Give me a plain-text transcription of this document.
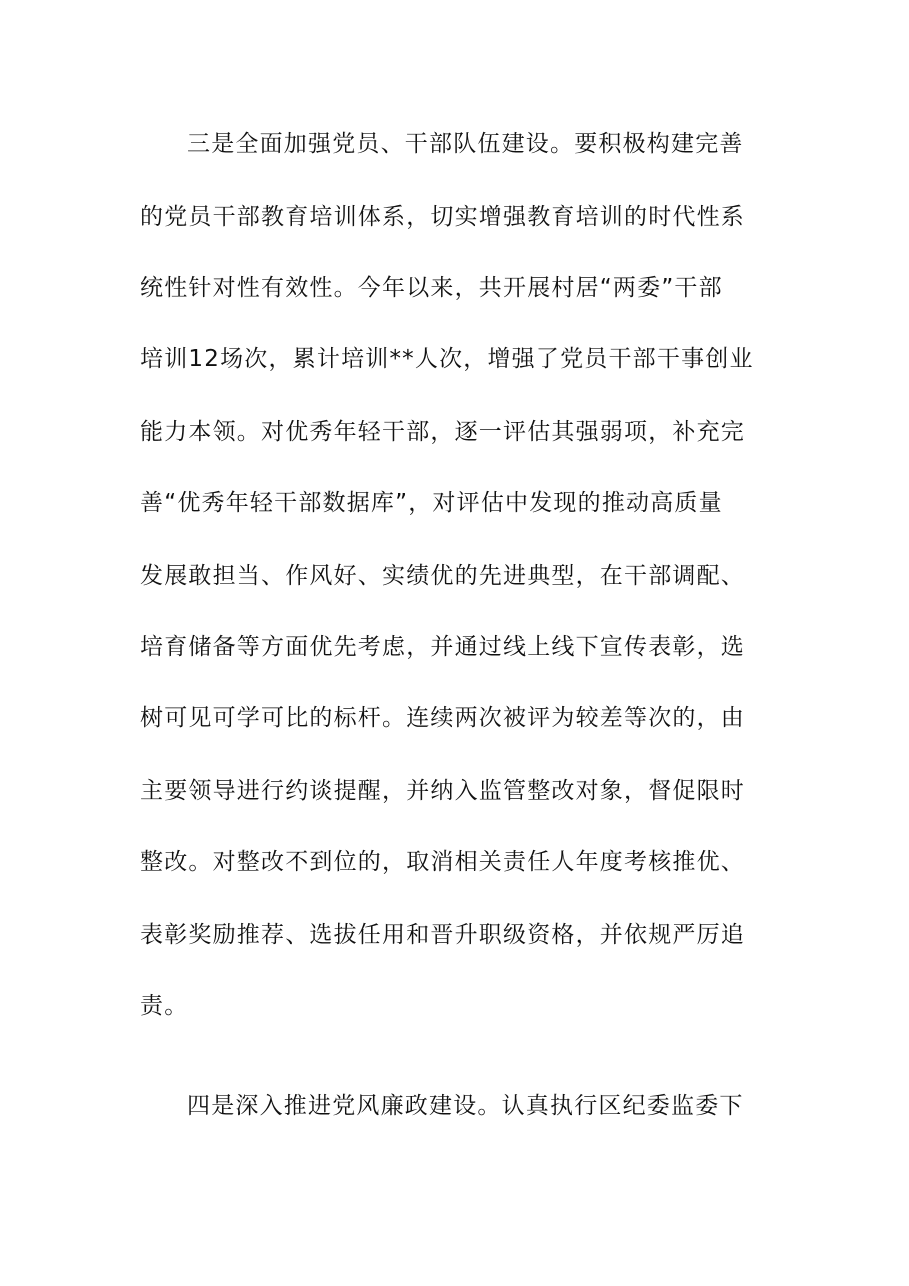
三是全面加强党员、干部队伍建设。要积极构建完善
的党员干部教育培训体系，切实增强教育培训的时代性系
统性针对性有效性。今年以来，共开展村居“两委”干部
培训12场次，累计培训**人次，增强了党员干部干事创业
能力本领。对优秀年轻干部，逐一评估其强弱项，补充完
善“优秀年轻干部数据库”，对评估中发现的推动高质量
发展敢担当、作风好、实绩优的先进典型，在干部调配、
培育储备等方面优先考虑，并通过线上线下宣传表彰，选
树可见可学可比的标杆。连续两次被评为较差等次的，由
主要领导进行约谈提醒，并纳入监管整改对象，督促限时
整改。对整改不到位的，取消相关责任人年度考核推优、
表彰奖励推荐、选拔任用和晋升职级资格，并依规严厉追
责。
四是深入推进党风廉政建设。认真执行区纪委监委下
